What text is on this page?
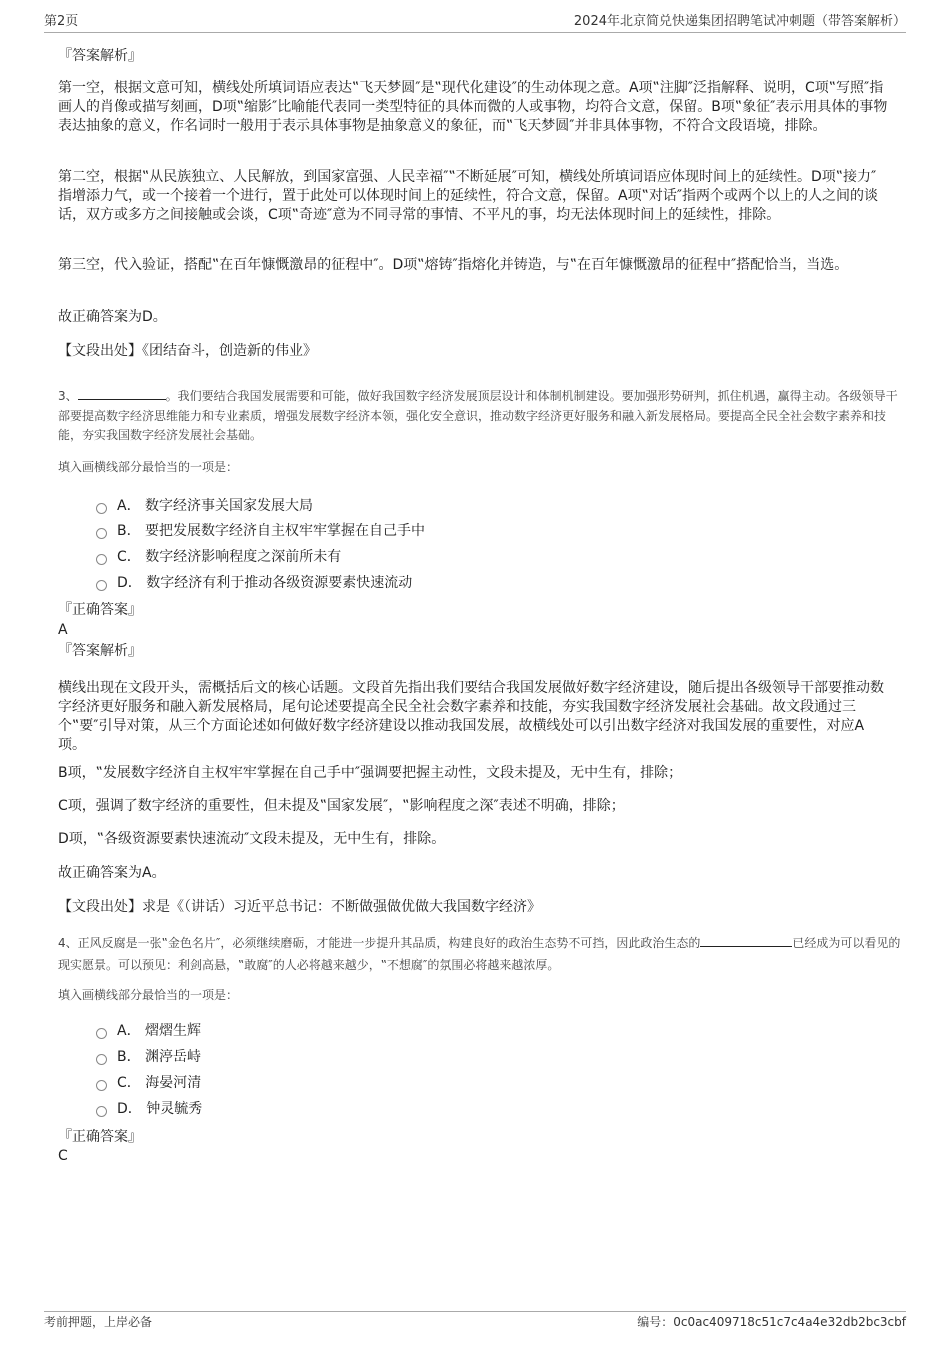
第2页	2024年北京简兑快递集团招聘笔试冲刺题（带答案解析）
『答案解析』
第一空，根据文意可知，横线处所填词语应表达‟飞天梦圆″是‟现代化建设″的生动体现之意。A项‟注脚″泛指解释、说明，C项‟写照″指画人的肖像或描写刻画，D项‟缩影″比喻能代表同一类型特征的具体而微的人或事物，均符合文意，保留。B项‟象征″表示用具体的事物表达抽象的意义，作名词时一般用于表示具体事物是抽象意义的象征，而‟飞天梦圆″并非具体事物，不符合文段语境，排除。
第二空，根据‟从民族独立、人民解放，到国家富强、人民幸福″‟不断延展″可知，横线处所填词语应体现时间上的延续性。D项‟接力″指增添力气，或一个接着一个进行，置于此处可以体现时间上的延续性，符合文意，保留。A项‟对话″指两个或两个以上的人之间的谈话，双方或多方之间接触或会谈，C项‟奇迹″意为不同寻常的事情、不平凡的事，均无法体现时间上的延续性，排除。
第三空，代入验证，搭配‟在百年慷慨激昂的征程中″。D项‟熔铸″指熔化并铸造，与‟在百年慷慨激昂的征程中″搭配恰当，当选。
故正确答案为D。
【文段出处】《团结奋斗，创造新的伟业》
3、	。我们要结合我国发展需要和可能，做好我国数字经济发展顶层设计和体制机制建设。要加强形势研判，抓住机遇，赢得主动。各级领导干部要提高数字经济思维能力和专业素质，增强发展数字经济本领，强化安全意识，推动数字经济更好服务和融入新发展格局。要提高全民全社会数字素养和技能，夯实我国数字经济发展社会基础。
填入画横线部分最恰当的一项是：
A． 数字经济事关国家发展大局
B． 要把发展数字经济自主权牢牢掌握在自己手中
C． 数字经济影响程度之深前所未有
D． 数字经济有利于推动各级资源要素快速流动
『正确答案』
A
『答案解析』
横线出现在文段开头，需概括后文的核心话题。文段首先指出我们要结合我国发展做好数字经济建设，随后提出各级领导干部要推动数字经济更好服务和融入新发展格局，尾句论述要提高全民全社会数字素养和技能，夯实我国数字经济发展社会基础。故文段通过三个‟要″引导对策，从三个方面论述如何做好数字经济建设以推动我国发展，故横线处可以引出数字经济对我国发展的重要性，对应A项。
B项，‟发展数字经济自主权牢牢掌握在自己手中″强调要把握主动性，文段未提及，无中生有，排除；
C项，强调了数字经济的重要性，但未提及‟国家发展″，‟影响程度之深″表述不明确，排除；
D项，‟各级资源要素快速流动″文段未提及，无中生有，排除。
故正确答案为A。
【文段出处】求是《（讲话）习近平总书记：不断做强做优做大我国数字经济》
4、正风反腐是一张‟金色名片″，必须继续磨砺，才能进一步提升其品质，构建良好的政治生态势不可挡，因此政治生态的	已经成为可以看见的现实愿景。可以预见：利剑高悬，‟敢腐″的人必将越来越少，‟不想腐″的氛围必将越来越浓厚。
填入画横线部分最恰当的一项是：
A． 熠熠生辉
B． 渊渟岳峙
C． 海晏河清
D． 钟灵毓秀
『正确答案』
C
考前押题，上岸必备	编号：0c0ac409718c51c7c4a4e32db2bc3cbf
